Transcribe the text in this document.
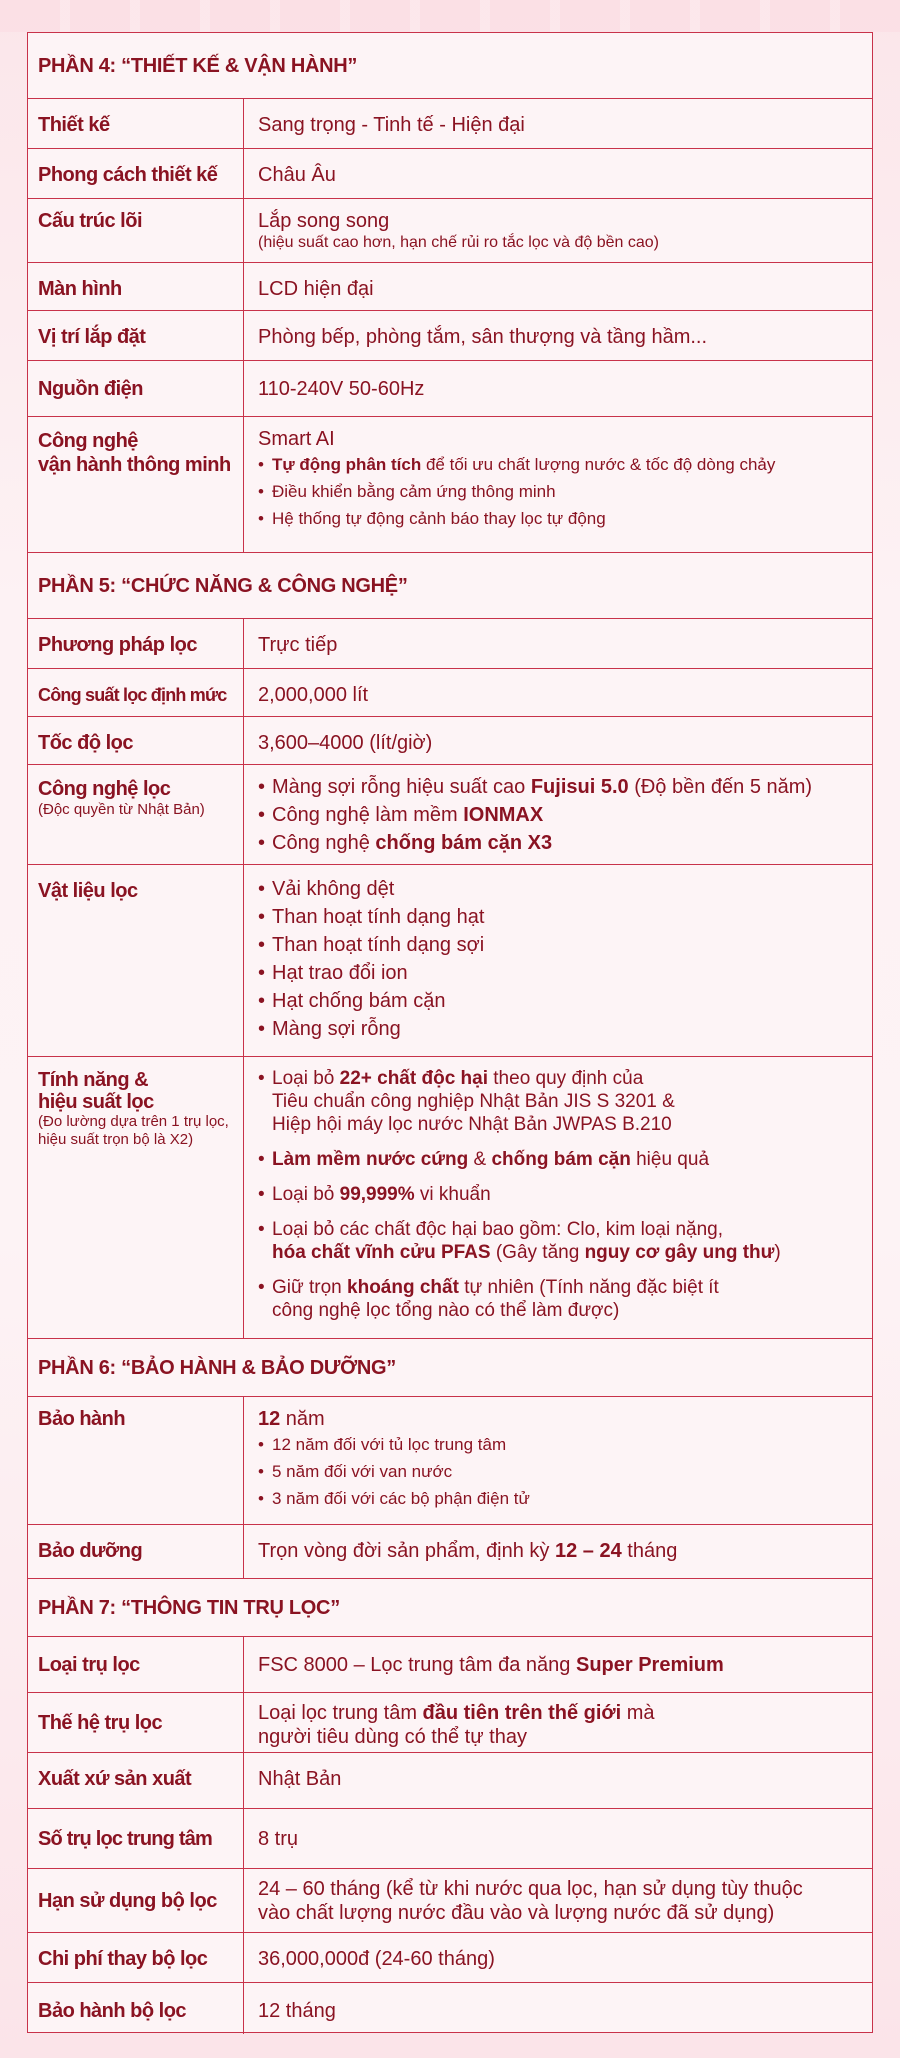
PHẦN 4: “THIẾT KẾ & VẬN HÀNH”
Thiết kế	Sang trọng - Tinh tế - Hiện đại
Phong cách thiết kế	Châu Âu
Cấu trúc lõi	Lắp song song
(hiệu suất cao hơn, hạn chế rủi ro tắc lọc và độ bền cao)
Màn hình	LCD hiện đại
Vị trí lắp đặt	Phòng bếp, phòng tắm, sân thượng và tầng hầm...
Nguồn điện	110-240V 50-60Hz
Công nghệ
vận hành thông minh
Smart AI
• Tự động phân tích để tối ưu chất lượng nước & tốc độ dòng chảy
• Điều khiển bằng cảm ứng thông minh
• Hệ thống tự động cảnh báo thay lọc tự động
PHẦN 5: “CHỨC NĂNG & CÔNG NGHỆ”
Phương pháp lọc	Trực tiếp
Công suất lọc định mức	2,000,000 lít
Tốc độ lọc	3,600–4000 (lít/giờ)
Công nghệ lọc
(Độc quyền từ Nhật Bản)
• Màng sợi rỗng hiệu suất cao Fujisui 5.0 (Độ bền đến 5 năm)
• Công nghệ làm mềm IONMAX
• Công nghệ chống bám cặn X3
Vật liệu lọc
•	Vải không dệt
• Than hoạt tính dạng hạt
• Than hoạt tính dạng sợi
• Hạt trao đổi ion
• Hạt chống bám cặn
• Màng sợi rỗng
Tính năng &
hiệu suất lọc
(Đo lường dựa trên 1 trụ lọc, hiệu suất trọn bộ là X2)
• Loại bỏ 22+ chất độc hại theo quy định của
Tiêu chuẩn công nghiệp Nhật Bản JIS S 3201 &
Hiệp hội máy lọc nước Nhật Bản JWPAS B.210
• Làm mềm nước cứng & chống bám cặn hiệu quả
• Loại bỏ 99,999% vi khuẩn
• Loại bỏ các chất độc hại bao gồm: Clo, kim loại nặng,
hóa chất vĩnh cửu PFAS (Gây tăng nguy cơ gây ung thư)
• Giữ trọn khoáng chất tự nhiên (Tính năng đặc biệt ít
công nghệ lọc tổng nào có thể làm được)
PHẦN 6: “BẢO HÀNH & BẢO DƯỠNG”
Bảo hành	12 năm
• 12 năm đối với tủ lọc trung tâm
• 5 năm đối với van nước
• 3 năm đối với các bộ phận điện tử
Bảo dưỡng	Trọn vòng đời sản phẩm, định kỳ 12 – 24 tháng
PHẦN 7: “THÔNG TIN TRỤ LỌC”
Loại trụ lọc	FSC 8000 – Lọc trung tâm đa năng Super Premium
Thế hệ trụ lọc	Loại lọc trung tâm đầu tiên trên thế giới mà
người tiêu dùng có thể tự thay
Xuất xứ sản xuất	Nhật Bản
Số trụ lọc trung tâm	8 trụ
Hạn sử dụng bộ lọc
24 – 60 tháng (kể từ khi nước qua lọc, hạn sử dụng tùy thuộc
vào chất lượng nước đầu vào và lượng nước đã sử dụng)
Chi phí thay bộ lọc	36,000,000đ (24-60 tháng)
Bảo hành bộ lọc	12 tháng
